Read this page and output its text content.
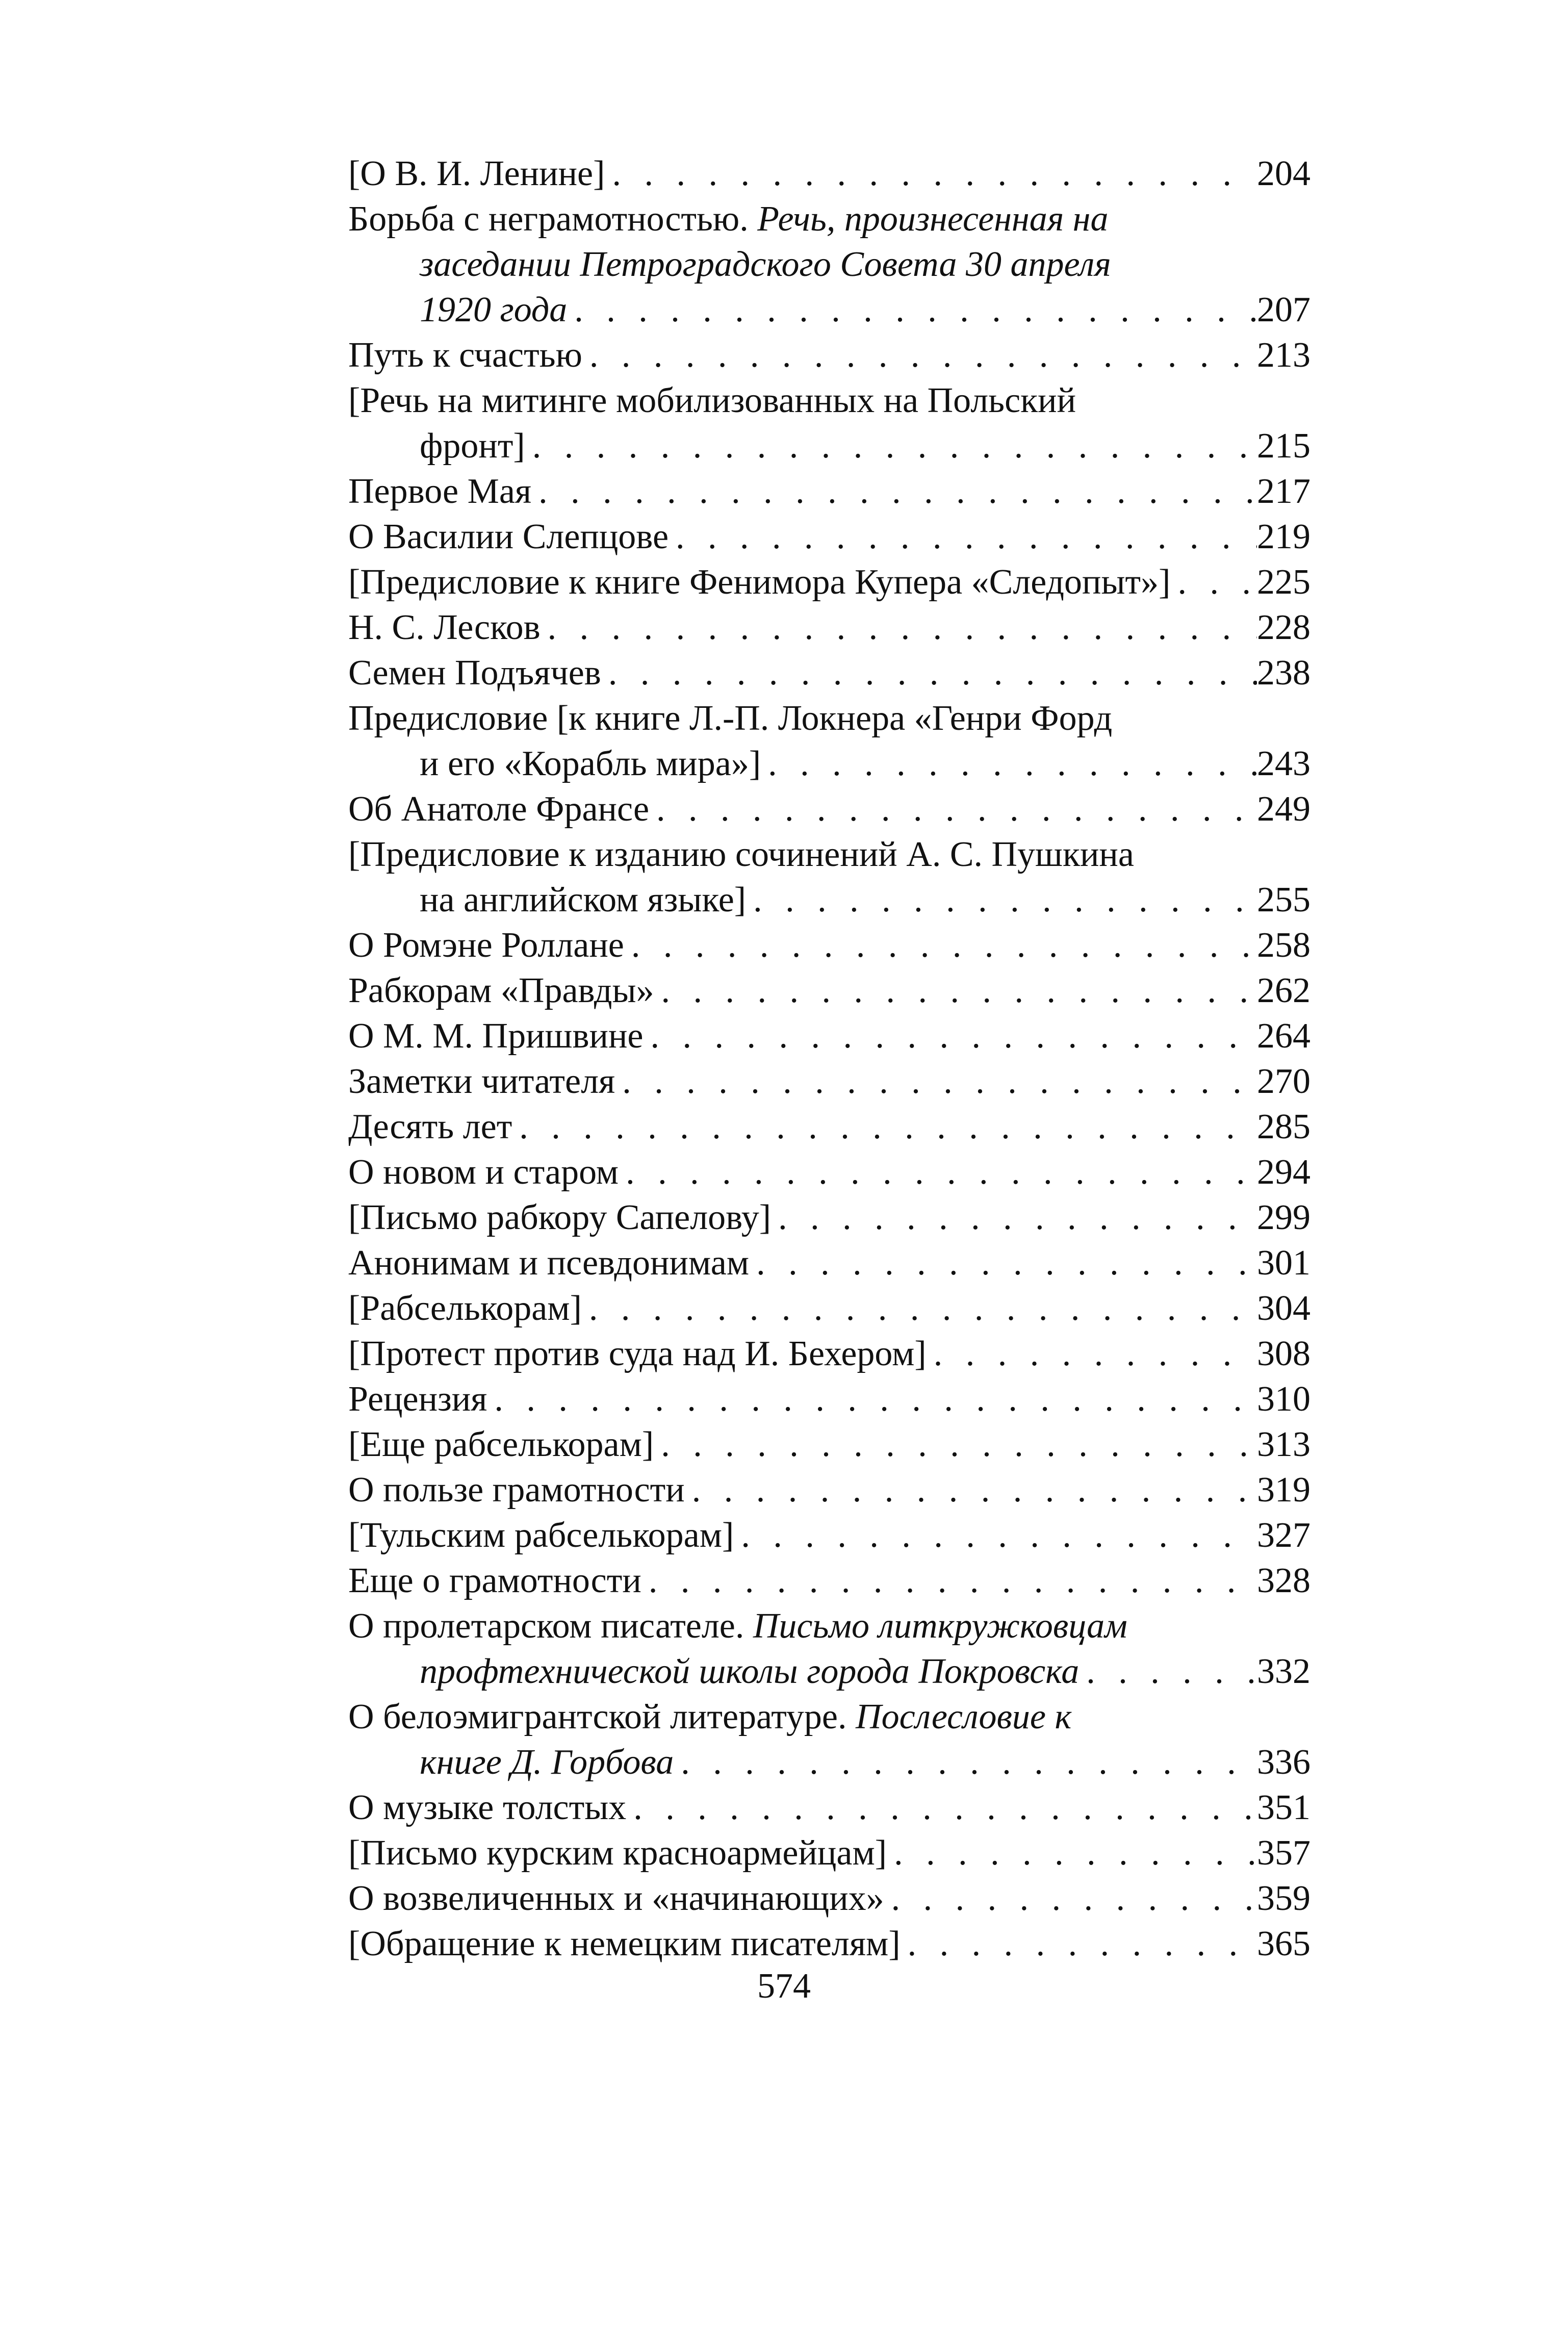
[О В. И. Ленине] . . .	204
Борьба с неграмотностью. Речь, произнесенная на
заседании Петроградского Совета 30 апреля
1920 года . . .	207
Путь к счастью . . .	213
[Речь на митинге мобилизованных на Польский
фронт] . . .	215
Первое Мая . . .	217
О Василии Слепцове . . .	219
[Предисловие к книге Фенимора Купера «Следопыт»] . . . 225
Н. С. Лесков . . .	228
Семен Подъячев . . .	238
Предисловие [к книге Л.-П. Локнера «Генри Форд
и его «Корабль мира»] . . .	243
Об Анатоле Франсе . . .	249
[Предисловие к изданию сочинений А. С. Пушкина
на английском языке] . . .	255
О Ромэне Роллане . . .	258
Рабкорам «Правды» . . .	262
О М. М. Пришвине . . .	264
Заметки читателя . . .	270
Десять лет . . .	285
О новом и старом . . .	294
[Письмо рабкору Сапелову] . . .	299
Анонимам и псевдонимам . . .	301
[Рабселькорам] . . .	304
[Протест против суда над И. Бехером] . . .	308
Рецензия . . .	310
[Еще рабселькорам] . . .	313
О пользе грамотности . . .	319
[Тульским рабселькорам] . . .	327
Еще о грамотности . . .	328
О пролетарском писателе. Письмо литкружковцам
профтехнической школы города Покровска . . .	332
О белоэмигрантской литературе. Послесловие к
книге Д. Горбова . . .	336
О музыке толстых . . .	351
[Письмо курским красноармейцам] . . .	357
О возвеличенных и «начинающих» . . .	359
[Обращение к немецким писателям] . . .	365
574
